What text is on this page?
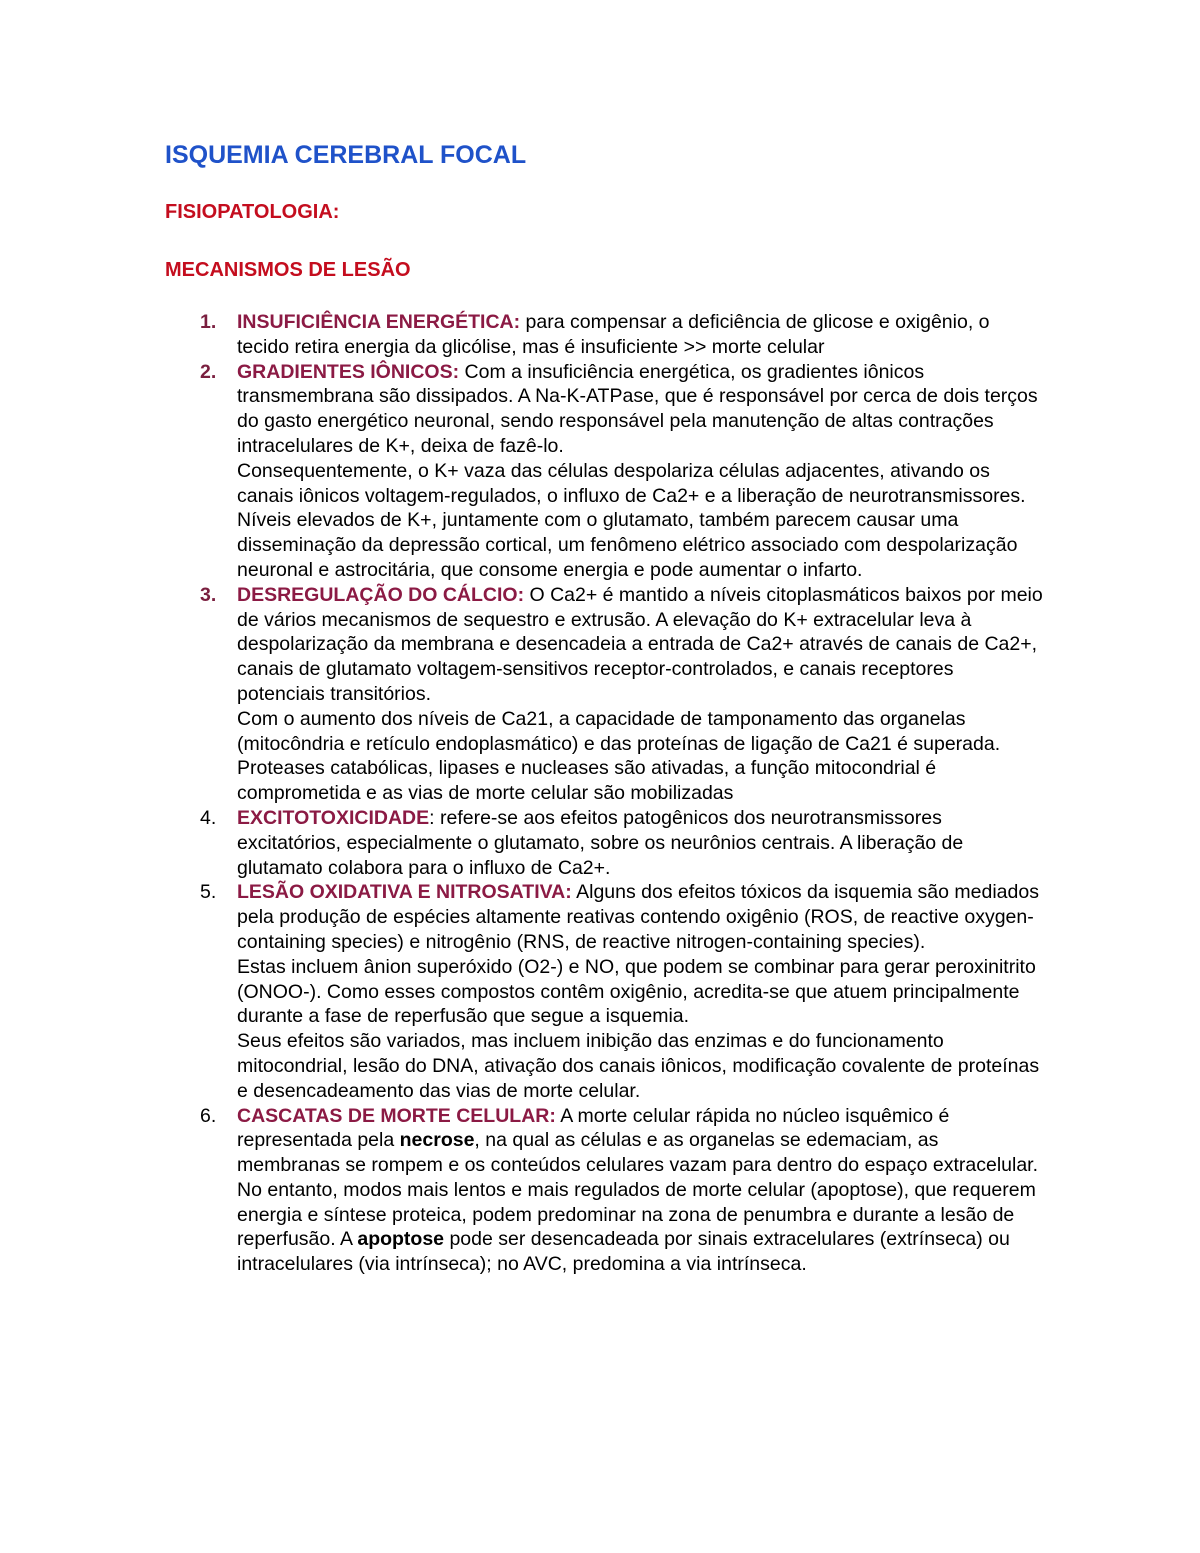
ISQUEMIA CEREBRAL FOCAL
FISIOPATOLOGIA:
MECANISMOS DE LESÃO
1. INSUFICIÊNCIA ENERGÉTICA: para compensar a deficiência de glicose e oxigênio, o tecido retira energia da glicólise, mas é insuficiente >> morte celular
2. GRADIENTES IÔNICOS: Com a insuficiência energética, os gradientes iônicos transmembrana são dissipados. A Na-K-ATPase, que é responsável por cerca de dois terços do gasto energético neuronal, sendo responsável pela manutenção de altas contrações intracelulares de K+, deixa de fazê-lo.
Consequentemente, o K+ vaza das células despolariza células adjacentes, ativando os canais iônicos voltagem-regulados, o influxo de Ca2+ e a liberação de neurotransmissores.
Níveis elevados de K+, juntamente com o glutamato, também parecem causar uma disseminação da depressão cortical, um fenômeno elétrico associado com despolarização neuronal e astrocitária, que consome energia e pode aumentar o infarto.
3. DESREGULAÇÃO DO CÁLCIO: O Ca2+ é mantido a níveis citoplasmáticos baixos por meio de vários mecanismos de sequestro e extrusão. A elevação do K+ extracelular leva à despolarização da membrana e desencadeia a entrada de Ca2+ através de canais de Ca2+, canais de glutamato voltagem-sensitivos receptor-controlados, e canais receptores potenciais transitórios.
Com o aumento dos níveis de Ca21, a capacidade de tamponamento das organelas (mitocôndria e retículo endoplasmático) e das proteínas de ligação de Ca21 é superada. Proteases catabólicas, lipases e nucleases são ativadas, a função mitocondrial é comprometida e as vias de morte celular são mobilizadas
4. EXCITOTOXICIDADE: refere-se aos efeitos patogênicos dos neurotransmissores excitatórios, especialmente o glutamato, sobre os neurônios centrais. A liberação de glutamato colabora para o influxo de Ca2+.
5. LESÃO OXIDATIVA E NITROSATIVA: Alguns dos efeitos tóxicos da isquemia são mediados pela produção de espécies altamente reativas contendo oxigênio (ROS, de reactive oxygen-containing species) e nitrogênio (RNS, de reactive nitrogen-containing species).
Estas incluem ânion superóxido (O2-) e NO, que podem se combinar para gerar peroxinitrito (ONOO-). Como esses compostos contêm oxigênio, acredita-se que atuem principalmente durante a fase de reperfusão que segue a isquemia.
Seus efeitos são variados, mas incluem inibição das enzimas e do funcionamento mitocondrial, lesão do DNA, ativação dos canais iônicos, modificação covalente de proteínas e desencadeamento das vias de morte celular.
6. CASCATAS DE MORTE CELULAR: A morte celular rápida no núcleo isquêmico é representada pela necrose, na qual as células e as organelas se edemaciam, as membranas se rompem e os conteúdos celulares vazam para dentro do espaço extracelular. No entanto, modos mais lentos e mais regulados de morte celular (apoptose), que requerem energia e síntese proteica, podem predominar na zona de penumbra e durante a lesão de reperfusão. A apoptose pode ser desencadeada por sinais extracelulares (extrínseca) ou intracelulares (via intrínseca); no AVC, predomina a via intrínseca.
